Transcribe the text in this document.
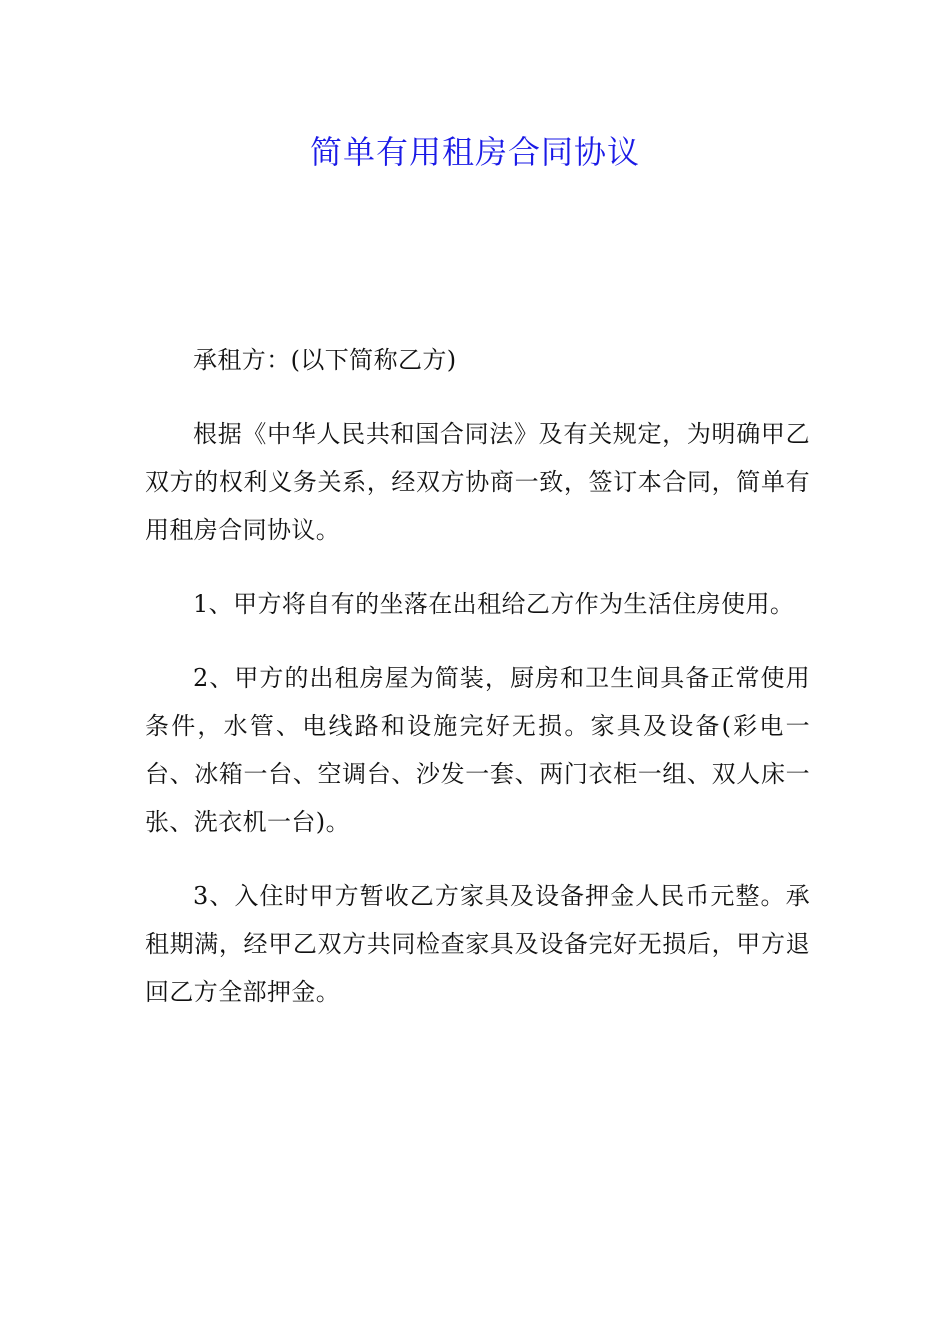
简单有用租房合同协议

承租方：(以下简称乙方)

根据《中华人民共和国合同法》及有关规定，为明确甲乙双方的权利义务关系，经双方协商一致，签订本合同，简单有用租房合同协议。

1、甲方将自有的坐落在出租给乙方作为生活住房使用。

2、甲方的出租房屋为简装，厨房和卫生间具备正常使用条件，水管、电线路和设施完好无损。家具及设备(彩电一台、冰箱一台、空调台、沙发一套、两门衣柜一组、双人床一张、洗衣机一台)。

3、入住时甲方暂收乙方家具及设备押金人民币元整。承租期满，经甲乙双方共同检查家具及设备完好无损后，甲方退回乙方全部押金。
